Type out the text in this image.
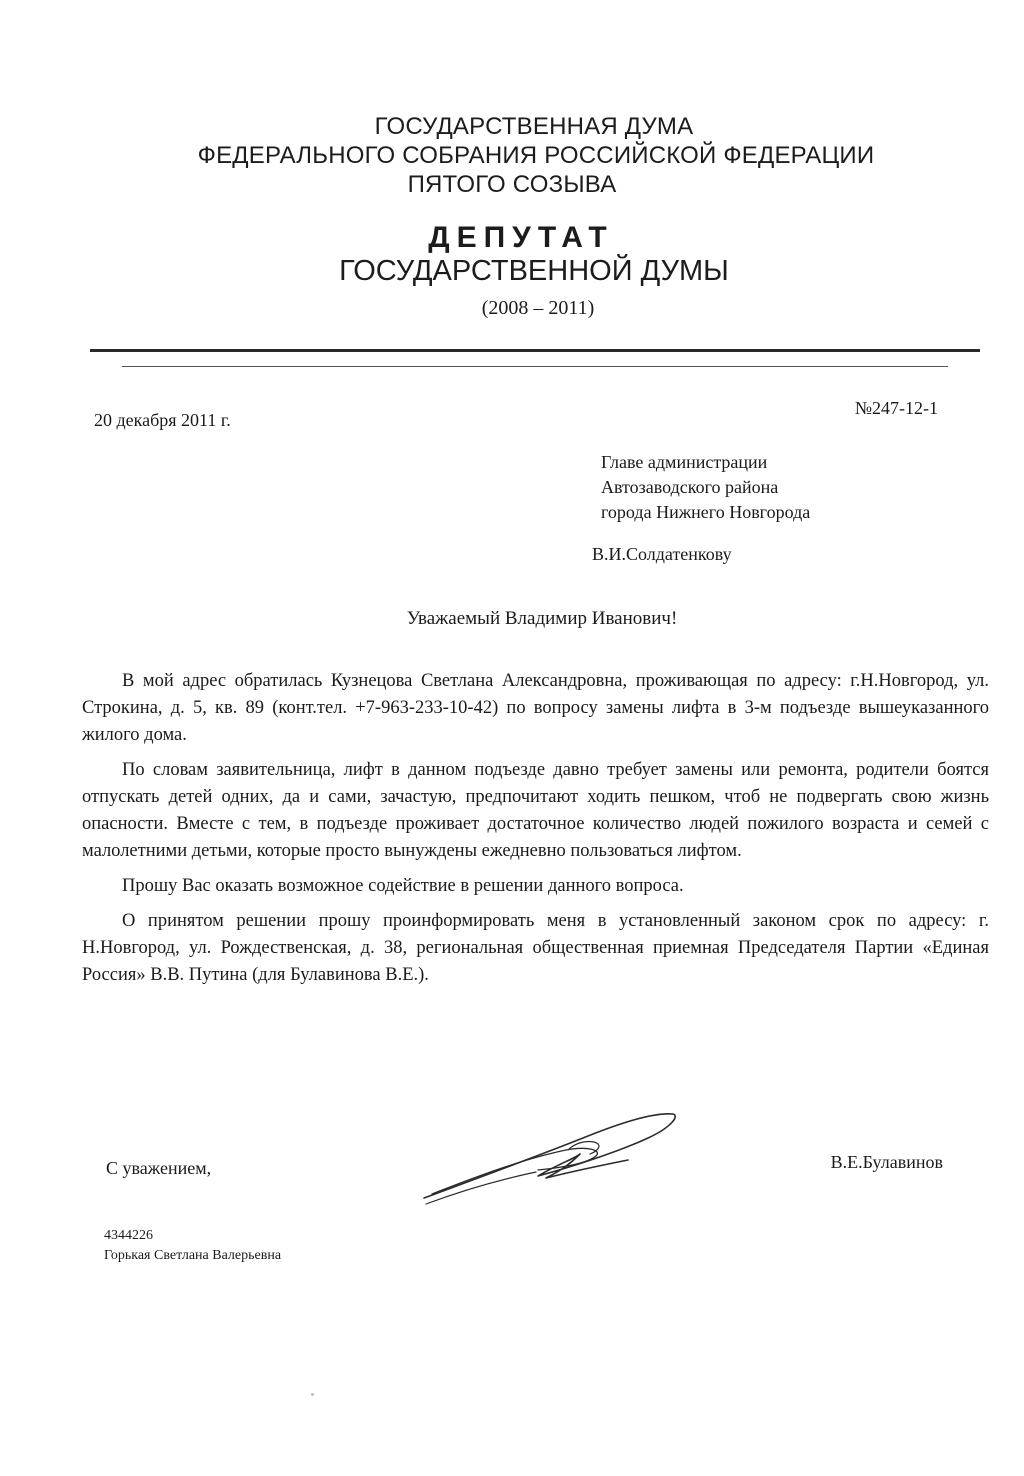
ГОСУДАРСТВЕННАЯ ДУМА
ФЕДЕРАЛЬНОГО СОБРАНИЯ РОССИЙСКОЙ ФЕДЕРАЦИИ
ПЯТОГО СОЗЫВА
ДЕПУТАТ
ГОСУДАРСТВЕННОЙ ДУМЫ
(2008 – 2011)
20 декабря 2011 г.
№247-12-1
Главе администрации
Автозаводского района
города Нижнего Новгорода
В.И.Солдатенкову
Уважаемый Владимир Иванович!

В мой адрес обратилась Кузнецова Светлана Александровна, проживающая по адресу: г.Н.Новгород, ул. Строкина, д. 5, кв. 89 (конт.тел. +7-963-233-10-42) по вопросу замены лифта в 3-м подъезде вышеуказанного жилого дома.

По словам заявительница, лифт в данном подъезде давно требует замены или ремонта, родители боятся отпускать детей одних, да и сами, зачастую, предпочитают ходить пешком, чтоб не подвергать свою жизнь опасности. Вместе с тем, в подъезде проживает достаточное количество людей пожилого возраста и семей с малолетними детьми, которые просто вынуждены ежедневно пользоваться лифтом.

Прошу Вас оказать возможное содействие в решении данного вопроса.

О принятом решении прошу проинформировать меня в установленный законом срок по адресу: г. Н.Новгород, ул. Рождественская, д. 38, региональная общественная приемная Председателя Партии «Единая Россия» В.В. Путина (для Булавинова В.Е.).

С уважением,	В.Е.Булавинов
4344226
Горькая Светлана Валерьевна
